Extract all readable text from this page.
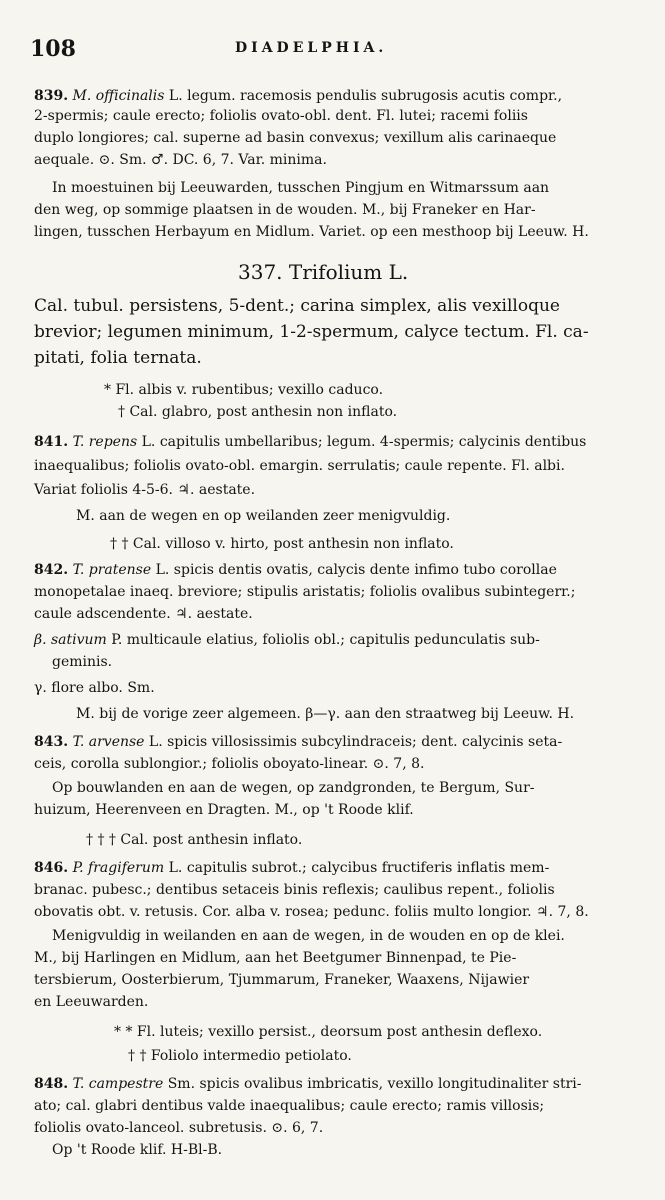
108	DIADELPHIA.
839. M. officinalis L. legum. racemosis pendulis subrugosis acutis compr.,
2-spermis; caule erecto; foliolis ovato-obl. dent. Fl. lutei; racemi foliis
duplo longiores; cal. superne ad basin convexus; vexillum alis carinaeque
aequale. ⊙. Sm. ♂. DC. 6, 7. Var. minima.
In moestuinen bij Leeuwarden, tusschen Pingjum en Witmarssum aan
den weg, op sommige plaatsen in de wouden. M., bij Franeker en Har-
lingen, tusschen Herbayum en Midlum. Variet. op een mesthoop bij Leeuw. H.
337. Trifolium L.
Cal. tubul. persistens, 5-dent.; carina simplex, alis vexilloque
brevior; legumen minimum, 1-2-spermum, calyce tectum. Fl. ca-
pitati, folia ternata.
* Fl. albis v. rubentibus; vexillo caduco.
† Cal. glabro, post anthesin non inflato.
841. T. repens L. capitulis umbellaribus; legum. 4-spermis; calycinis dentibus
inaequalibus; foliolis ovato-obl. emargin. serrulatis; caule repente. Fl. albi.
Variat foliolis 4-5-6. ♃. aestate.
M. aan de wegen en op weilanden zeer menigvuldig.
† † Cal. villoso v. hirto, post anthesin non inflato.
842. T. pratense L. spicis dentis ovatis, calycis dente infimo tubo corollae
monopetalae inaeq. breviore; stipulis aristatis; foliolis ovalibus subintegerr.;
caule adscendente. ♃. aestate.
β. sativum P. multicaule elatius, foliolis obl.; capitulis pedunculatis sub-
geminis.
γ. flore albo. Sm.
M. bij de vorige zeer algemeen. β—γ. aan den straatweg bij Leeuw. H.
843. T. arvense L. spicis villosissimis subcylindraceis; dent. calycinis seta-
ceis, corolla sublongior.; foliolis oboyato-linear. ⊙. 7, 8.
Op bouwlanden en aan de wegen, op zandgronden, te Bergum, Sur-
huizum, Heerenveen en Dragten. M., op 't Roode klif.
† † † Cal. post anthesin inflato.
846. P. fragiferum L. capitulis subrot.; calycibus fructiferis inflatis mem-
branac. pubesc.; dentibus setaceis binis reflexis; caulibus repent., foliolis
obovatis obt. v. retusis. Cor. alba v. rosea; pedunc. foliis multo longior. ♃. 7, 8.
Menigvuldig in weilanden en aan de wegen, in de wouden en op de klei.
M., bij Harlingen en Midlum, aan het Beetgumer Binnenpad, te Pie-
tersbierum, Oosterbierum, Tjummarum, Franeker, Waaxens, Nijawier
en Leeuwarden.
* * Fl. luteis; vexillo persist., deorsum post anthesin deflexo.
† † Foliolo intermedio petiolato.
848. T. campestre Sm. spicis ovalibus imbricatis, vexillo longitudinaliter stri-
ato; cal. glabri dentibus valde inaequalibus; caule erecto; ramis villosis;
foliolis ovato-lanceol. subretusis. ⊙. 6, 7.
Op 't Roode klif. H-Bl-B.
